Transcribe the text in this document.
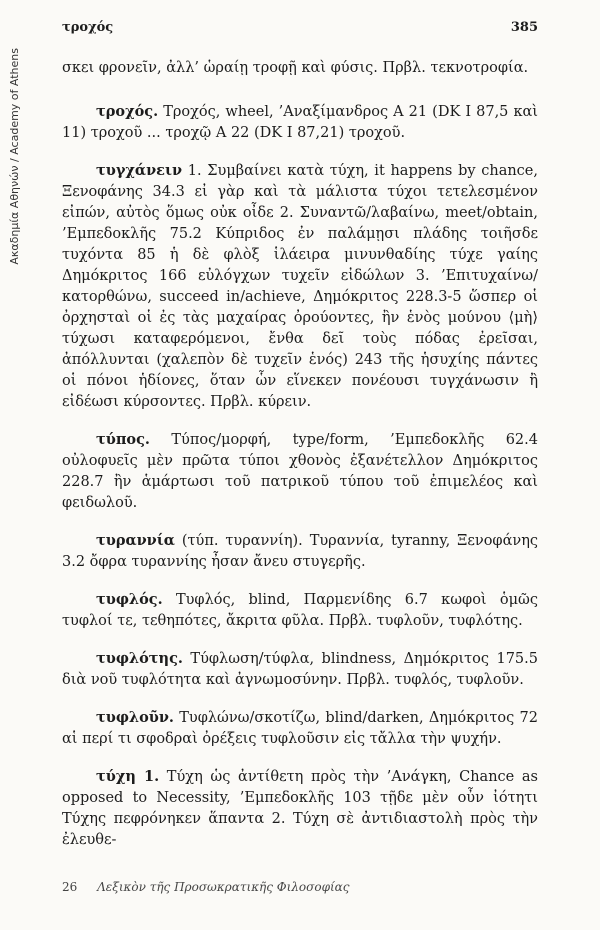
Ακαδημία Αθηνών / Academy of Athens
τροχός	385

σκει φρονεῖν, ἀλλ’ ὡραίῃ τροφῇ καὶ φύσις. Πρβλ. τεκνοτροφία.

τροχός. Τροχός, wheel, ’Αναξίμανδρος Α 21 (DK I 87,5 καὶ 11) τροχοῦ ... τροχῷ Α 22 (DK I 87,21) τροχοῦ.

τυγχάνειν 1. Συμβαίνει κατὰ τύχη, it happens by chance, Ξενοφάνης 34.3 εἰ γὰρ καὶ τὰ μάλιστα τύχοι τετελεσμένον εἰπών, αὐτὸς ὅμως οὐκ οἶδε 2. Συναντῶ/λαβαίνω, meet/obtain, ’Εμπεδοκλῆς 75.2 Κύπριδος ἐν παλάμῃσι πλάδης τοιῆσδε τυχόντα 85 ἡ δὲ φλὸξ ἱλάειρα μινυνθαδίης τύχε γαίης Δημόκριτος 166 εὐλόγχων τυχεῖν εἰδώλων 3. ’Επιτυχαίνω/κατορθώνω, succeed in/achieve, Δημόκριτος 228.3-5 ὥσπερ οἱ ὀρχησταὶ οἱ ἐς τὰς μαχαίρας ὀρούοντες, ἢν ἑνὸς μούνου ⟨μὴ⟩ τύχωσι καταφερόμενοι, ἔνθα δεῖ τοὺς πόδας ἐρεῖσαι, ἀπόλλυνται (χαλεπὸν δὲ τυχεῖν ἑνός) 243 τῆς ἡσυχίης πάντες οἱ πόνοι ἡδίονες, ὅταν ὧν εἵνεκεν πονέουσι τυγχάνωσιν ἢ εἰδέωσι κύρσοντες. Πρβλ. κύρειν.

τύπος. Τύπος/μορφή, type/form, ’Εμπεδοκλῆς 62.4 οὐλοφυεῖς μὲν πρῶτα τύποι χθονὸς ἐξανέτελλον Δημόκριτος 228.7 ἢν ἁμάρτωσι τοῦ πατρικοῦ τύπου τοῦ ἐπιμελέος καὶ φειδωλοῦ.

τυραννία (τύπ. τυραννίη). Τυραννία, tyranny, Ξενοφάνης 3.2 ὄφρα τυραννίης ἦσαν ἄνευ στυγερῆς.

τυφλός. Τυφλός, blind, Παρμενίδης 6.7 κωφοὶ ὁμῶς τυφλοί τε, τεθηπότες, ἄκριτα φῦλα. Πρβλ. τυφλοῦν, τυφλότης.

τυφλότης. Τύφλωση/τύφλα, blindness, Δημόκριτος 175.5 διὰ νοῦ τυφλότητα καὶ ἀγνωμοσύνην. Πρβλ. τυφλός, τυφλοῦν.

τυφλοῦν. Τυφλώνω/σκοτίζω, blind/darken, Δημόκριτος 72 αἱ περί τι σφοδραὶ ὀρέξεις τυφλοῦσιν εἰς τἄλλα τὴν ψυχήν.

τύχη 1. Τύχη ὡς ἀντίθετη πρὸς τὴν ’Ανάγκη, Chance as opposed to Necessity, ’Εμπεδοκλῆς 103 τῇδε μὲν οὖν ἰότητι Τύχης πεφρόνηκεν ἅπαντα 2. Τύχη σὲ ἀντιδιαστολὴ πρὸς τὴν ἐλευθε-

26 Λεξικὸν τῆς Προσωκρατικῆς Φιλοσοφίας
